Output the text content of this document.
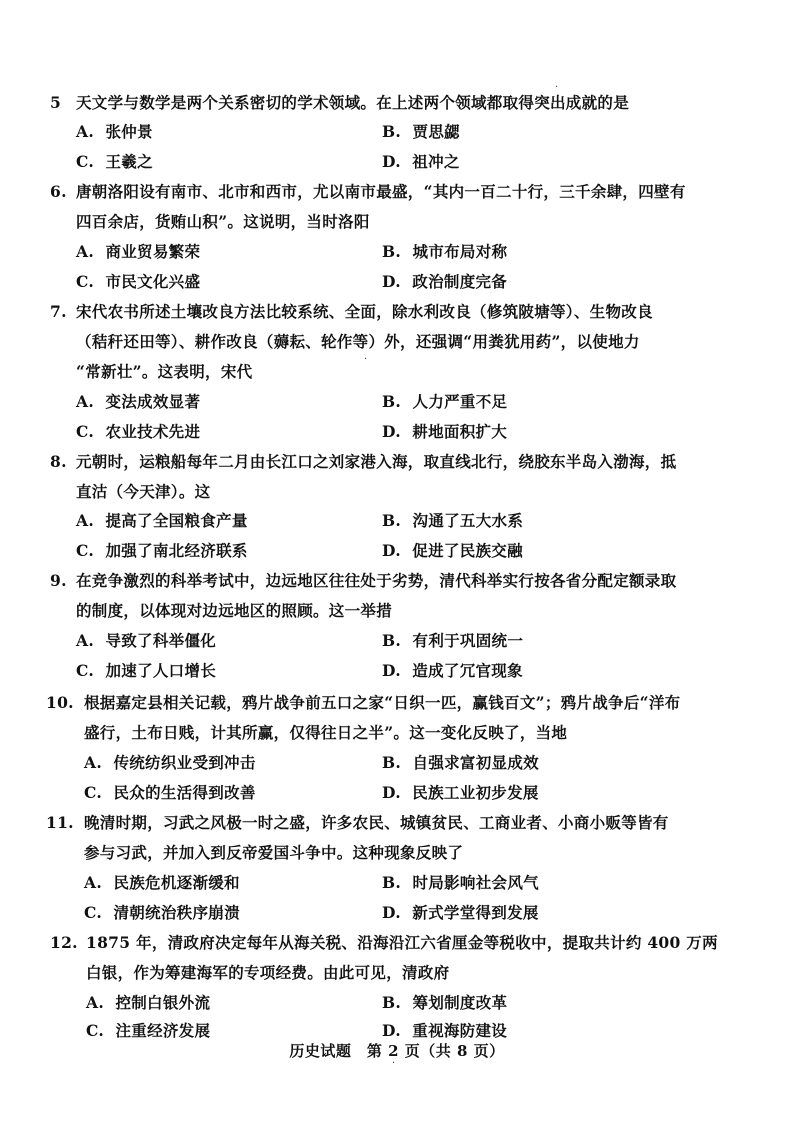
5 天文学与数学是两个关系密切的学术领域。在上述两个领域都取得突出成就的是
A. 张仲景	B. 贾思勰
C. 王羲之	D. 祖冲之
6. 唐朝洛阳设有南市、北市和西市，尤以南市最盛，“其内一百二十行，三千余肆，四壁有
四百余店，货贿山积”。这说明，当时洛阳
A. 商业贸易繁荣	B. 城市布局对称
C. 市民文化兴盛	D. 政治制度完备
7. 宋代农书所述土壤改良方法比较系统、全面，除水利改良（修筑陂塘等）、生物改良
（秸秆还田等）、耕作改良（薅耘、轮作等）外，还强调“用粪犹用药”，以使地力
“常新壮”。这表明，宋代
A. 变法成效显著	B. 人力严重不足
C. 农业技术先进	D. 耕地面积扩大
8. 元朝时，运粮船每年二月由长江口之刘家港入海，取直线北行，绕胶东半岛入渤海，抵
直沽（今天津）。这
A. 提高了全国粮食产量	B. 沟通了五大水系
C. 加强了南北经济联系	D. 促进了民族交融
9. 在竞争激烈的科举考试中，边远地区往往处于劣势，清代科举实行按各省分配定额录取
的制度，以体现对边远地区的照顾。这一举措
A. 导致了科举僵化	B. 有利于巩固统一
C. 加速了人口增长	D. 造成了冗官现象
10. 根据嘉定县相关记载，鸦片战争前五口之家“日织一匹，赢钱百文”；鸦片战争后“洋布
盛行，土布日贱，计其所赢，仅得往日之半”。这一变化反映了，当地
A. 传统纺织业受到冲击	B. 自强求富初显成效
C. 民众的生活得到改善	D. 民族工业初步发展
11. 晚清时期，习武之风极一时之盛，许多农民、城镇贫民、工商业者、小商小贩等皆有
参与习武，并加入到反帝爱国斗争中。这种现象反映了
A. 民族危机逐渐缓和	B. 时局影响社会风气
C. 清朝统治秩序崩溃	D. 新式学堂得到发展
12. 1875 年，清政府决定每年从海关税、沿海沿江六省厘金等税收中，提取共计约 400 万两
白银，作为筹建海军的专项经费。由此可见，清政府
A. 控制白银外流	B. 筹划制度改革
C. 注重经济发展	D. 重视海防建设
历史试题　第 2 页（共 8 页）
·
·
·
